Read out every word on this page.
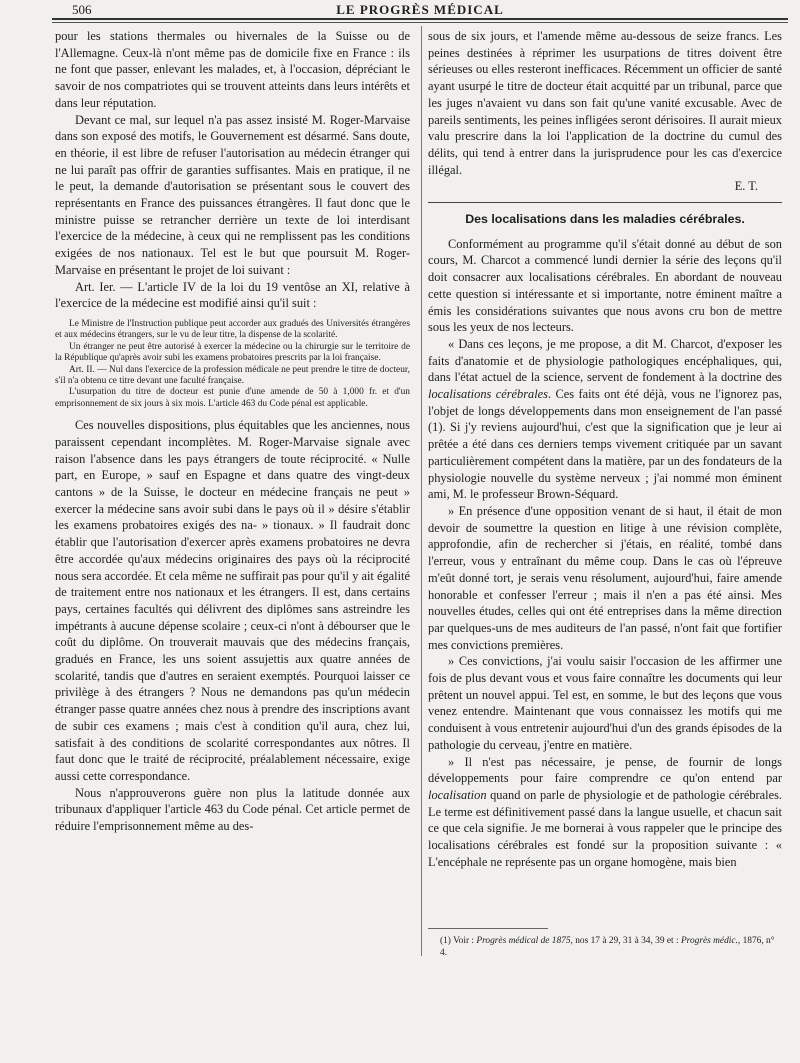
506	LE PROGRÈS MÉDICAL

pour les stations thermales ou hivernales de la Suisse ou de l'Allemagne. Ceux-là n'ont même pas de domicile fixe en France : ils ne font que passer, enlevant les malades, et, à l'occasion, dépréciant le savoir de nos compatriotes qui se trouvent atteints dans leurs intérêts et dans leur réputation.

Devant ce mal, sur lequel n'a pas assez insisté M. Roger-Marvaise dans son exposé des motifs, le Gouvernement est désarmé. Sans doute, en théorie, il est libre de refuser l'autorisation au médecin étranger qui ne lui paraît pas offrir de garanties suffisantes. Mais en pratique, il ne le peut, la demande d'autorisation se présentant sous le couvert des représentants en France des puissances étrangères. Il faut donc que le ministre puisse se retrancher derrière un texte de loi interdisant l'exercice de la médecine, à ceux qui ne remplissent pas les conditions exigées de nos nationaux. Tel est le but que poursuit M. Roger-Marvaise en présentant le projet de loi suivant :

Art. Ier. — L'article IV de la loi du 19 ventôse an XI, relative à l'exercice de la médecine est modifié ainsi qu'il suit :

Le Ministre de l'Instruction publique peut accorder aux gradués des Universités étrangères et aux médecins étrangers, sur le vu de leur titre, la dispense de la scolarité.

Un étranger ne peut être autorisé à exercer la médecine ou la chirurgie sur le territoire de la République qu'après avoir subi les examens probatoires prescrits par la loi française.

Art. II. — Nul dans l'exercice de la profession médicale ne peut prendre le titre de docteur, s'il n'a obtenu ce titre devant une faculté française.

L'usurpation du titre de docteur est punie d'une amende de 50 à 1,000 fr. et d'un emprisonnement de six jours à six mois. L'article 463 du Code pénal est applicable.

Ces nouvelles dispositions, plus équitables que les anciennes, nous paraissent cependant incomplètes. M. Roger-Marvaise signale avec raison l'absence dans les pays étrangers de toute réciprocité. « Nulle part, en Europe, » sauf en Espagne et dans quatre des vingt-deux cantons » de la Suisse, le docteur en médecine français ne peut » exercer la médecine sans avoir subi dans le pays où il » désire s'établir les examens probatoires exigés des na- » tionaux. » Il faudrait donc établir que l'autorisation d'exercer après examens probatoires ne devra être accordée qu'aux médecins originaires des pays où la réciprocité nous sera accordée. Et cela même ne suffirait pas pour qu'il y ait égalité de traitement entre nos nationaux et les étrangers. Il est, dans certains pays, certaines facultés qui délivrent des diplômes sans astreindre les impétrants à aucune dépense scolaire ; ceux-ci n'ont à débourser que le coût du diplôme. On trouverait mauvais que des médecins français, gradués en France, les uns soient assujettis aux quatre années de scolarité, tandis que d'autres en seraient exemptés. Pourquoi laisser ce privilège à des étrangers ? Nous ne demandons pas qu'un médecin étranger passe quatre années chez nous à prendre des inscriptions avant de subir ces examens ; mais c'est à condition qu'il aura, chez lui, satisfait à des conditions de scolarité correspondantes aux nôtres. Il faut donc que le traité de réciprocité, préalablement nécessaire, exige aussi cette correspondance.

Nous n'approuverons guère non plus la latitude donnée aux tribunaux d'appliquer l'article 463 du Code pénal. Cet article permet de réduire l'emprisonnement même au des-

sous de six jours, et l'amende même au-dessous de seize francs. Les peines destinées à réprimer les usurpations de titres doivent être sérieuses ou elles resteront inefficaces. Récemment un officier de santé ayant usurpé le titre de docteur était acquitté par un tribunal, parce que les juges n'avaient vu dans son fait qu'une vanité excusable. Avec de pareils sentiments, les peines infligées seront dérisoires. Il aurait mieux valu prescrire dans la loi l'application de la doctrine du cumul des délits, qui tend à entrer dans la jurisprudence pour les cas d'exercice illégal.

E. T.

Des localisations dans les maladies cérébrales.

Conformément au programme qu'il s'était donné au début de son cours, M. Charcot a commencé lundi dernier la série des leçons qu'il doit consacrer aux localisations cérébrales. En abordant de nouveau cette question si intéressante et si importante, notre éminent maître a émis les considérations suivantes que nous avons cru bon de mettre sous les yeux de nos lecteurs.

« Dans ces leçons, je me propose, a dit M. Charcot, d'exposer les faits d'anatomie et de physiologie pathologiques encéphaliques, qui, dans l'état actuel de la science, servent de fondement à la doctrine des localisations cérébrales. Ces faits ont été déjà, vous ne l'ignorez pas, l'objet de longs développements dans mon enseignement de l'an passé (1). Si j'y reviens aujourd'hui, c'est que la signification que je leur ai prêtée a été dans ces derniers temps vivement critiquée par un savant particulièrement compétent dans la matière, par un des fondateurs de la physiologie nouvelle du système nerveux ; j'ai nommé mon éminent ami, M. le professeur Brown-Séquard.

» En présence d'une opposition venant de si haut, il était de mon devoir de soumettre la question en litige à une révision complète, approfondie, afin de rechercher si j'étais, en réalité, tombé dans l'erreur, vous y entraînant du même coup. Dans le cas où l'épreuve m'eût donné tort, je serais venu résolument, aujourd'hui, faire amende honorable et confesser l'erreur ; mais il n'en a pas été ainsi. Mes nouvelles études, celles qui ont été entreprises dans la même direction par quelques-uns de mes auditeurs de l'an passé, n'ont fait que fortifier mes convictions premières.

» Ces convictions, j'ai voulu saisir l'occasion de les affirmer une fois de plus devant vous et vous faire connaître les documents qui leur prêtent un nouvel appui. Tel est, en somme, le but des leçons que vous venez entendre. Maintenant que vous connaissez les motifs qui me conduisent à vous entretenir aujourd'hui d'un des grands épisodes de la pathologie du cerveau, j'entre en matière.

» Il n'est pas nécessaire, je pense, de fournir de longs développements pour faire comprendre ce qu'on entend par localisation quand on parle de physiologie et de pathologie cérébrales. Le terme est définitivement passé dans la langue usuelle, et chacun sait ce que cela signifie. Je me bornerai à vous rappeler que le principe des localisations cérébrales est fondé sur la proposition suivante : « L'encéphale ne représente pas un organe homogène, mais bien

(1) Voir : Progrès médical de 1875, nos 17 à 29, 31 à 34, 39 et : Progrès médic., 1876, n° 4.
